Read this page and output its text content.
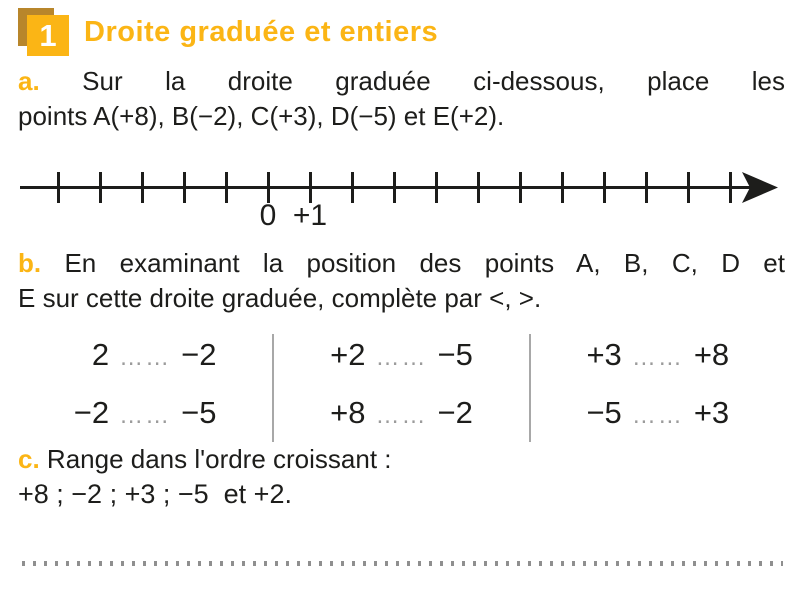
1 Droite graduée et entiers

a. Sur la droite graduée ci-dessous, place les

points A(+8), B(−2), C(+3), D(−5) et E(+2).

0 +1

b. En examinant la position des points A, B, C, D et

E sur cette droite graduée, complète par <, >.

2 …… −2
−2 …… −5
+2 …… −5
+8 …… −2
+3 …… +8
−5 …… +3

c. Range dans l'ordre croissant :

+8 ; −2 ; +3 ; −5  et +2.
